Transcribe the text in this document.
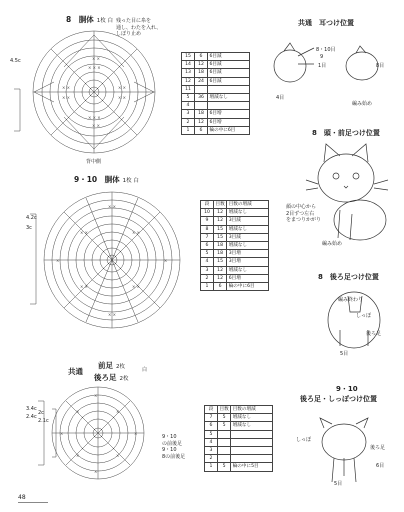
8　胴体 1枚 白 残った目に糸を
通し、わたを入れ、
しぼり止め
4.5c
背中側
× ×
× × ×
× × ×
× ×
× ×	× ×
× ×	× ×
15	6	6目減
14	12	6目減
13	18	6目減
12	24	6目減
11		
5	36	増減なし
4		
3	18	6目増
2	12	6目増
1	6	輪の中に6目
9・10　胴体 1枚 白
4.2c
3c
× ×
× ×
×	×
× ×	× ×
× ×	× ×
段	目数	目数の増減
10	12	増減なし
9	12	3目減
8	15	増減なし
7	15	3目減
6	18	増減なし
5	18	3目増
4	15	3目増
3	12	増減なし
2	12	6目増
1	6	輪の中に6目
共通
前足 2枚
後ろ足 2枚
白
3.4c
2.4c
2c
2.1c
×
×
×	×
×	×
×	×
9・10
の前後足
9・10
8の前後足
段	目数	目数の増減
7	5	増減なし
6	5	増減なし
5		
4		
3		
2		
1	5	輪の中に5目
共通　耳つけ位置
8・10目
9
1目
4目
8目
編み始め
8　頭・前足つけ位置
顔の中心から
2目ずつ左右
をまつりかがり
編み始め
8　後ろ足つけ位置
編み終わり
しっぽ
後ろ足
5目
9・10
後ろ足・しっぽつけ位置
しっぽ
後ろ足
6目
5目
48
